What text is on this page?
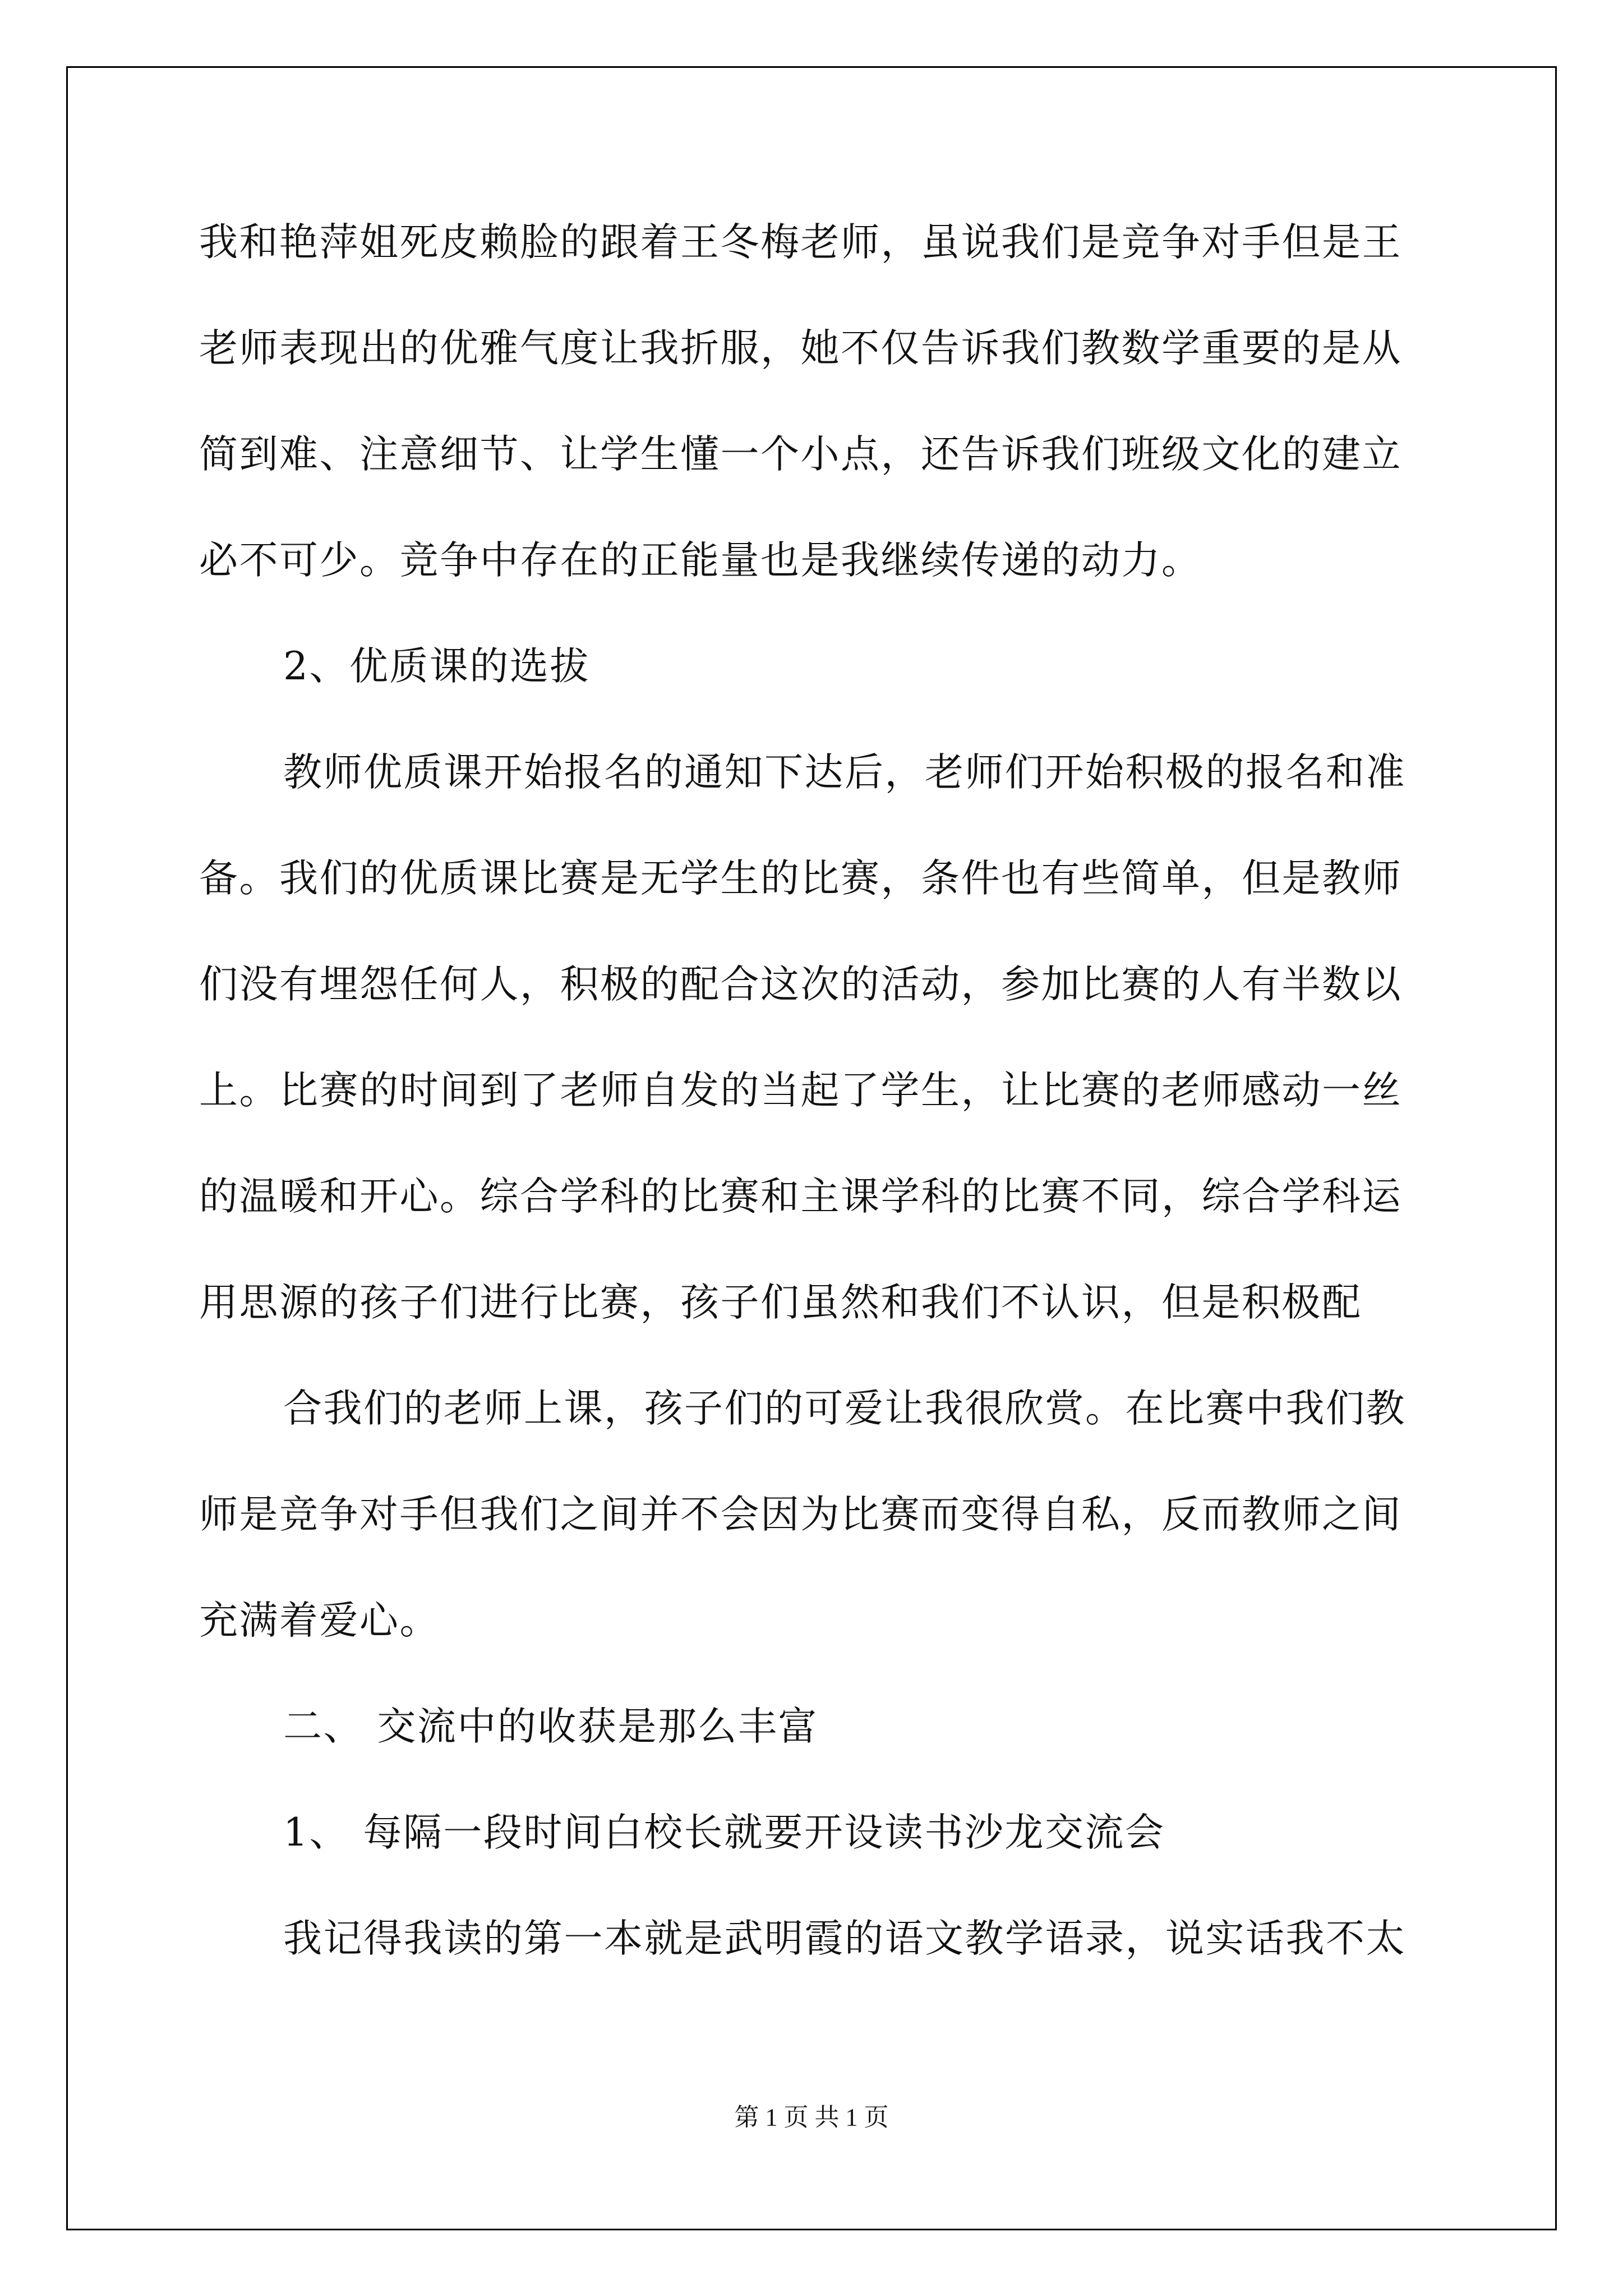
我和艳萍姐死皮赖脸的跟着王冬梅老师，虽说我们是竞争对手但是王
老师表现出的优雅气度让我折服，她不仅告诉我们教数学重要的是从
简到难、注意细节、让学生懂一个小点，还告诉我们班级文化的建立
必不可少。竞争中存在的正能量也是我继续传递的动力。
2、优质课的选拔
教师优质课开始报名的通知下达后，老师们开始积极的报名和准
备。我们的优质课比赛是无学生的比赛，条件也有些简单，但是教师
们没有埋怨任何人，积极的配合这次的活动，参加比赛的人有半数以
上。比赛的时间到了老师自发的当起了学生，让比赛的老师感动一丝
的温暖和开心。综合学科的比赛和主课学科的比赛不同，综合学科运
用思源的孩子们进行比赛，孩子们虽然和我们不认识，但是积极配
合我们的老师上课，孩子们的可爱让我很欣赏。在比赛中我们教
师是竞争对手但我们之间并不会因为比赛而变得自私，反而教师之间
充满着爱心。
二、 交流中的收获是那么丰富
1、 每隔一段时间白校长就要开设读书沙龙交流会
我记得我读的第一本就是武明霞的语文教学语录，说实话我不太
第 1 页 共 1 页
